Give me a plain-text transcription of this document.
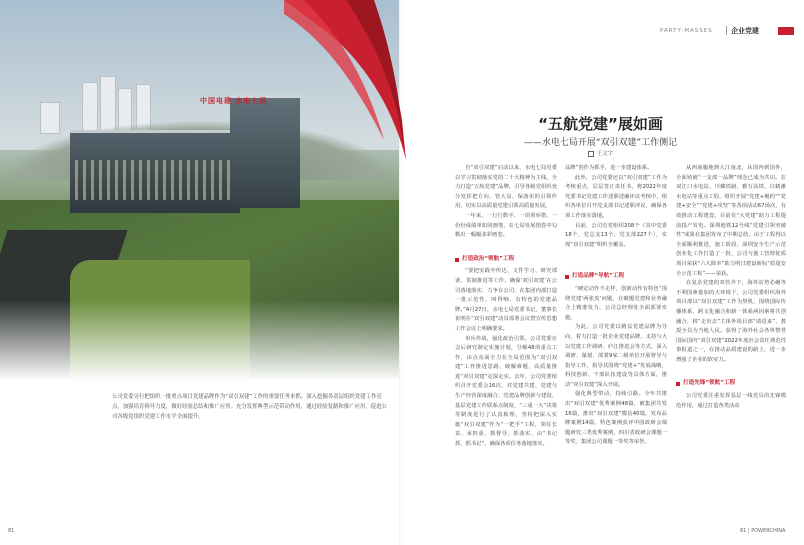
中国电建 水电七局
公司党委另行把组织一批重点项目党建品牌作为“双引双建”工作的重要任务来抓。深入挖掘各基层组织党建工作亮点，加强培育指导力度，做好经验总结和推广应用。充分发挥典型示范带动作用，通过经验复制和推广应用，促进公司各级党组织党建工作水平全面提升。
81
PARTY-MASSES	企业党建
“五航党建”展如画
——水电七局开展“双引双建”工作侧记
王文宇

自“双引双建”启动以来，水电七局党委以学习贯彻落实党的二十大精神为主线，全力打造“五航党建”品牌。引导各级党组织充分发挥把方向、管大局、保落实的引领作用，切实以高质量党建引领高质量发展。

一年来，一行行数字、一项项举措、一份份成绩单如同画笔，在七局发展图卷中勾勒出一幅幅多彩画卷。

打造政治“领航”工程

“要把实践中传达、文件学习、研究部署，贯彻推进等工作，确保‘双引双建’在公司落地落实、力争在公司、在集团内部打造一批示范性、叫得响、有特色的党建品牌。”4月27日，水电七局党委书记、董事长崔明在“双引双建”动员部署会议暨宣传思想工作会议上明确要求。

单兵作战，强化政治引领。公司党委在会后研究制定实施计划，分解48项重点工作，由点及面全力在全局范围为“双引双建”工作推进思路、破解难题，高质量推进“双引双建”走深走实。去年，公司党委组织召开党委会16次，对党建共建、党建与生产经营深度融合、党建品牌创新与建设、基层党建工作联系点制度、“三重一大”决策等制度进行了认真梳理，坚持把深入实施“双引双建”作为“一把手”工程，领任长责、承担重、抓督导、抓落实、由“书记抓、抓书记”，确保各项任务落地落实。

品牌”创作为抓手，进一步建设体系。

此外，公司党委还以“双引双建”工作为考核重点，层层签订责任书，将2022年度党委书记党建工作述职述廉评议考核中，组织各单位召开党支部书记述职评议，确保各项工作落实落地。

目前，公司有党组织208个（其中党委18个、党总支13个、党支部227个），实现“双引双建”组织全覆盖。

打造品牌“导航”工程

“硬定动作不走样，创新动作有特色”围绕党建‘两张皮’问题，在破题党建和业务融合上精准发力，公司总经理处全面部署实施。

为此，公司党委以精益党建品牌为导向，着力打造一批企业党建品牌，支持与大以党建工作调研、庐江推进会等方式，深入调研、谋划、部署9家二级单位开展督导与指导工作，指导其围绕“党建+”发展战略，科技创新、干部队伍建设等具体方面，推动“双引双建”深入开展。

强化典型带动，持续引路。全年共推出“双引双建”优秀案例48篇，被集团共发16篇，推出“双引双建”微信40篇，发布品牌案例14篇，特色案例获评中国政研会课题研究三类优秀案例，四川省政研会课题一等奖，集团公司课题一等奖等荣誉。

从西南腹地到大江南北，从国内到国外，全面铸就“一支部一品牌”理念已成为共识。在双江口水电站、川藏铁路、雅万高铁、白鹤滩水电站等重点工程，组织开展“党建+履约”“党建+安全”“党建+攻坚”等各项活动67场次，有效推动工程建设，目前有“大党建”助力工程提前投产发电。深圳地铁12号线“党建引领突破性”成果在集团发布了中期总结。由于工程得以全面顺利推进，施工阶段，深圳安全生产示范创业化工作打造了一批，公司与施工管理优质项目荣获“六大降本”助力明日建设新标“质量安全示范工程”——荣获。

在复杂党建的双管齐下，海外站势必确等不利国素量加的大环境下，公司党委组织海外项目部以“双引双建”工作为契机，围绕国际传播体系、跨文化融合和新一体系两因素将共创融合，将“走出去”主体外项目部“请进来”，教授全员为当地人民。获得了海外社会各界赞誉国际国内“双引双建”2022年度社会责任典范性事报道之一，在推动品质建设的路上，进一步增强了企业的软实力。

打造先锋“领航”工程

公司党委注重发挥基层一线党员的先锋模范作用，通过打造各类活动

81 | POWERCHINA
